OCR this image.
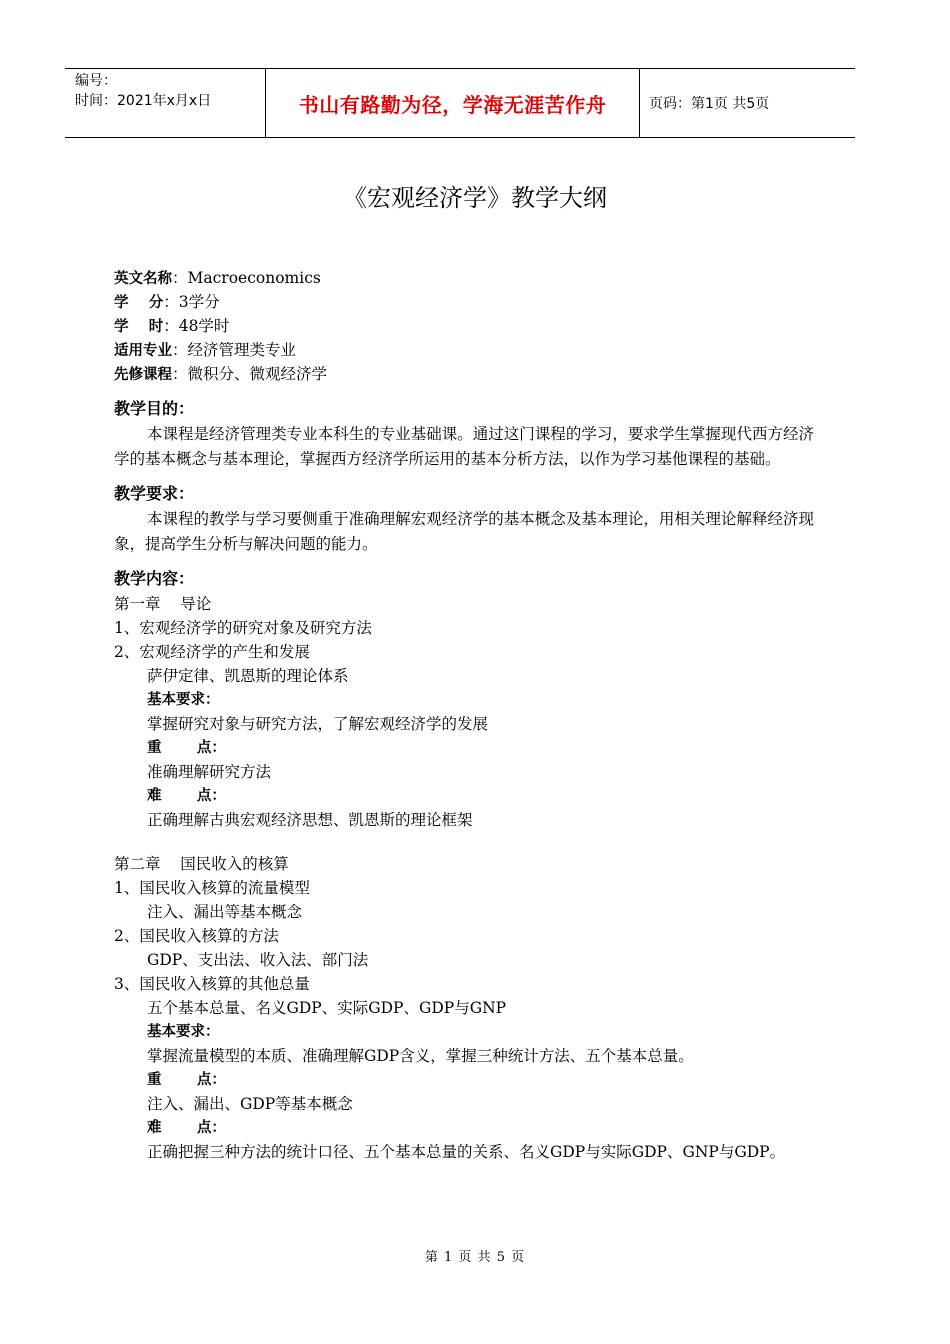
编号：
时间：2021年x月x日	书山有路勤为径，学海无涯苦作舟	页码：第1页 共5页
《宏观经济学》教学大纲
英文名称：Macroeconomics
学    分：3学分
学    时：48学时
适用专业：经济管理类专业
先修课程：微积分、微观经济学
教学目的：
本课程是经济管理类专业本科生的专业基础课。通过这门课程的学习，要求学生掌握现代西方经济学的基本概念与基本理论，掌握西方经济学所运用的基本分析方法，以作为学习基他课程的基础。
教学要求：
本课程的教学与学习要侧重于准确理解宏观经济学的基本概念及基本理论，用相关理论解释经济现象，提高学生分析与解决问题的能力。
教学内容：
第一章    导论
1、宏观经济学的研究对象及研究方法
2、宏观经济学的产生和发展
萨伊定律、凯恩斯的理论体系
基本要求：
掌握研究对象与研究方法，了解宏观经济学的发展
重       点：
准确理解研究方法
难       点：
正确理解古典宏观经济思想、凯恩斯的理论框架
第二章    国民收入的核算
1、国民收入核算的流量模型
注入、漏出等基本概念
2、国民收入核算的方法
GDP、支出法、收入法、部门法
3、国民收入核算的其他总量
五个基本总量、名义GDP、实际GDP、GDP与GNP
基本要求：
掌握流量模型的本质、准确理解GDP含义，掌握三种统计方法、五个基本总量。
重       点：
注入、漏出、GDP等基本概念
难       点：
正确把握三种方法的统计口径、五个基本总量的关系、名义GDP与实际GDP、GNP与GDP。
第 1 页 共 5 页
